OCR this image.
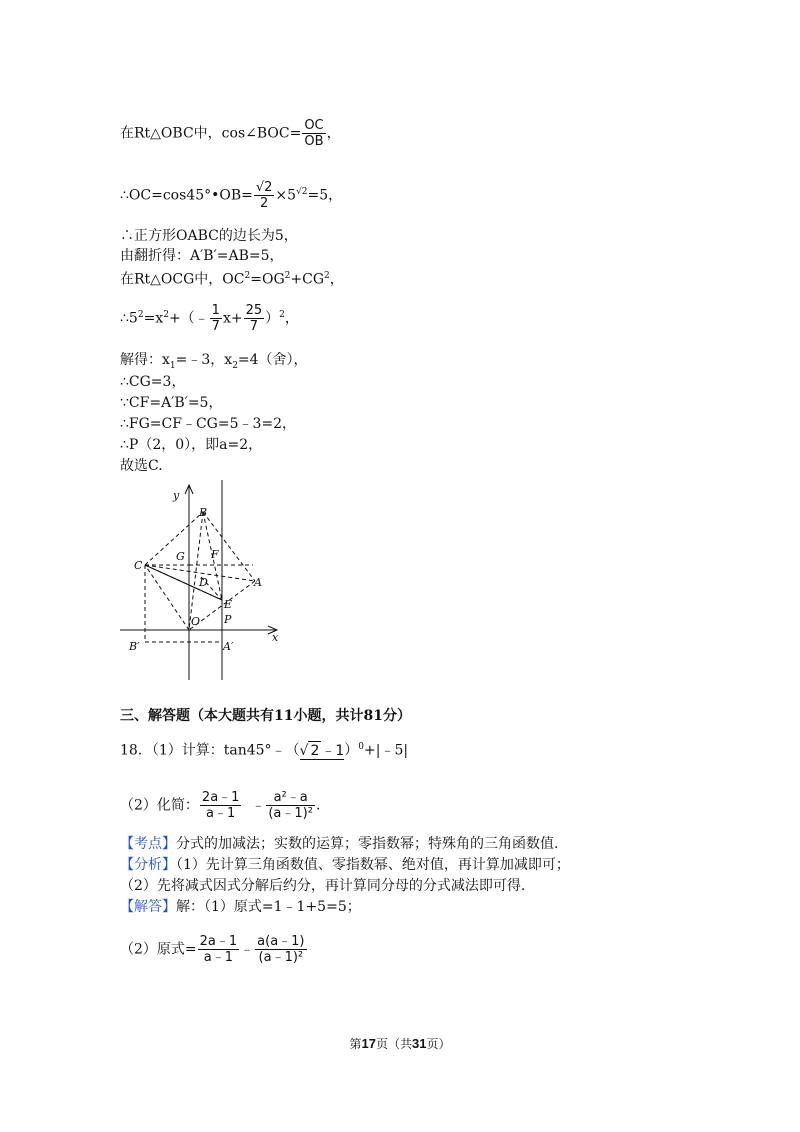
在Rt△OBC中，cos∠BOC= $\frac{OC}{OB}$ ，
∴OC=cos45°•OB= $\frac{√2}{2} \times 5^{√2}=5$，
∴正方形OABC的边长为5，
由翻折得：A′B′=AB=5，
在Rt△OCG中，$OC^2=OG^2+CG^2$，
$\therefore 5^2=x^2+(﹣ \frac{1}{7} x+ \frac{25}{7} )^2$，
解得：$x_1=﹣3$，$x_2=4$（舍），
∴CG=3，
∵CF=A′B′=5，
∴FG=CF﹣CG=5﹣3=2，
∴P（2，0），即a=2，
故选C.
y
B
C
G F
D	A
E
O P
x
B′	A′
三、解答题（本大题共有11小题，共计81分）
18．（1）计算：tan45°﹣（√ 2 ﹣1）$^0$+|﹣5|
（2）化简： $\frac{2a﹣1}{a﹣1}$ ﹣ $\frac{\text{a²﹣a}}{\text{(a﹣1)²}}$ .
【考点】分式的加减法；实数的运算；零指数幂；特殊角的三角函数值.
【分析】（1）先计算三角函数值、零指数幂、绝对值，再计算加减即可；
（2）先将减式因式分解后约分，再计算同分母的分式减法即可得.
【解答】解：（1）原式=1﹣1+5=5；
（2）原式= $\frac{2a﹣1}{a﹣1}$ ﹣ $\frac{a(a﹣1)}{\text{(a﹣1)²}}$
第17页（共31页）
